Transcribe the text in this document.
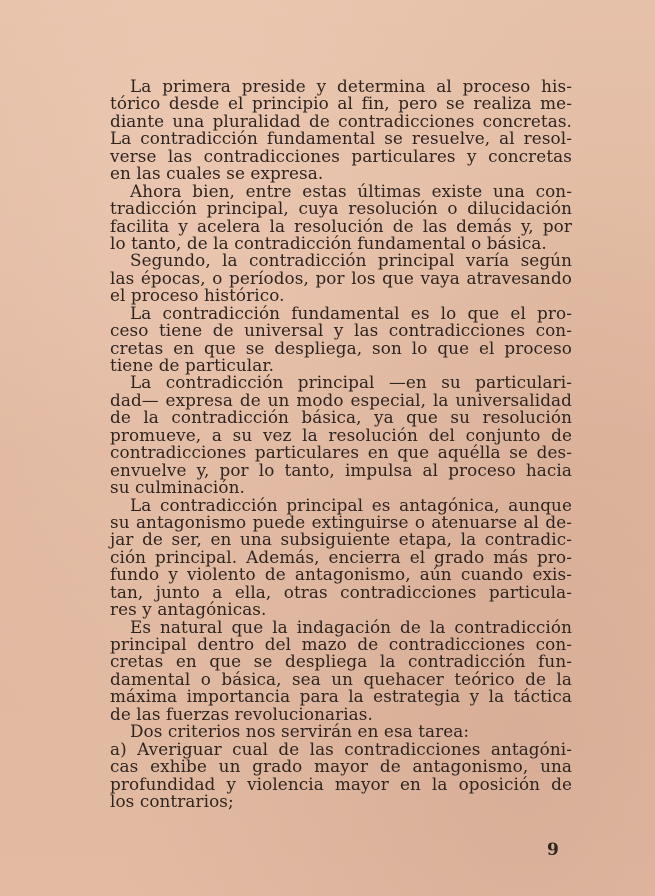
La primera preside y determina al proceso his-
tórico desde el principio al fin, pero se realiza me-
diante una pluralidad de contradicciones concretas.
La contradicción fundamental se resuelve, al resol-
verse las contradicciones particulares y concretas
en las cuales se expresa.
Ahora bien, entre estas últimas existe una con-
tradicción principal, cuya resolución o dilucidación
facilita y acelera la resolución de las demás y, por
lo tanto, de la contradicción fundamental o básica.
Segundo, la contradicción principal varía según
las épocas, o períodos, por los que vaya atravesando
el proceso histórico.
La contradicción fundamental es lo que el pro-
ceso tiene de universal y las contradicciones con-
cretas en que se despliega, son lo que el proceso
tiene de particular.
La contradicción principal —en su particulari-
dad— expresa de un modo especial, la universalidad
de la contradicción básica, ya que su resolución
promueve, a su vez la resolución del conjunto de
contradicciones particulares en que aquélla se des-
envuelve y, por lo tanto, impulsa al proceso hacia
su culminación.
La contradicción principal es antagónica, aunque
su antagonismo puede extinguirse o atenuarse al de-
jar de ser, en una subsiguiente etapa, la contradic-
ción principal. Además, encierra el grado más pro-
fundo y violento de antagonismo, aún cuando exis-
tan, junto a ella, otras contradicciones particula-
res y antagónicas.
Es natural que la indagación de la contradicción
principal dentro del mazo de contradicciones con-
cretas en que se despliega la contradicción fun-
damental o básica, sea un quehacer teórico de la
máxima importancia para la estrategia y la táctica
de las fuerzas revolucionarias.
Dos criterios nos servirán en esa tarea:
a) Averiguar cual de las contradicciones antagóni-
cas exhibe un grado mayor de antagonismo, una
profundidad y violencia mayor en la oposición de
los contrarios;
9
